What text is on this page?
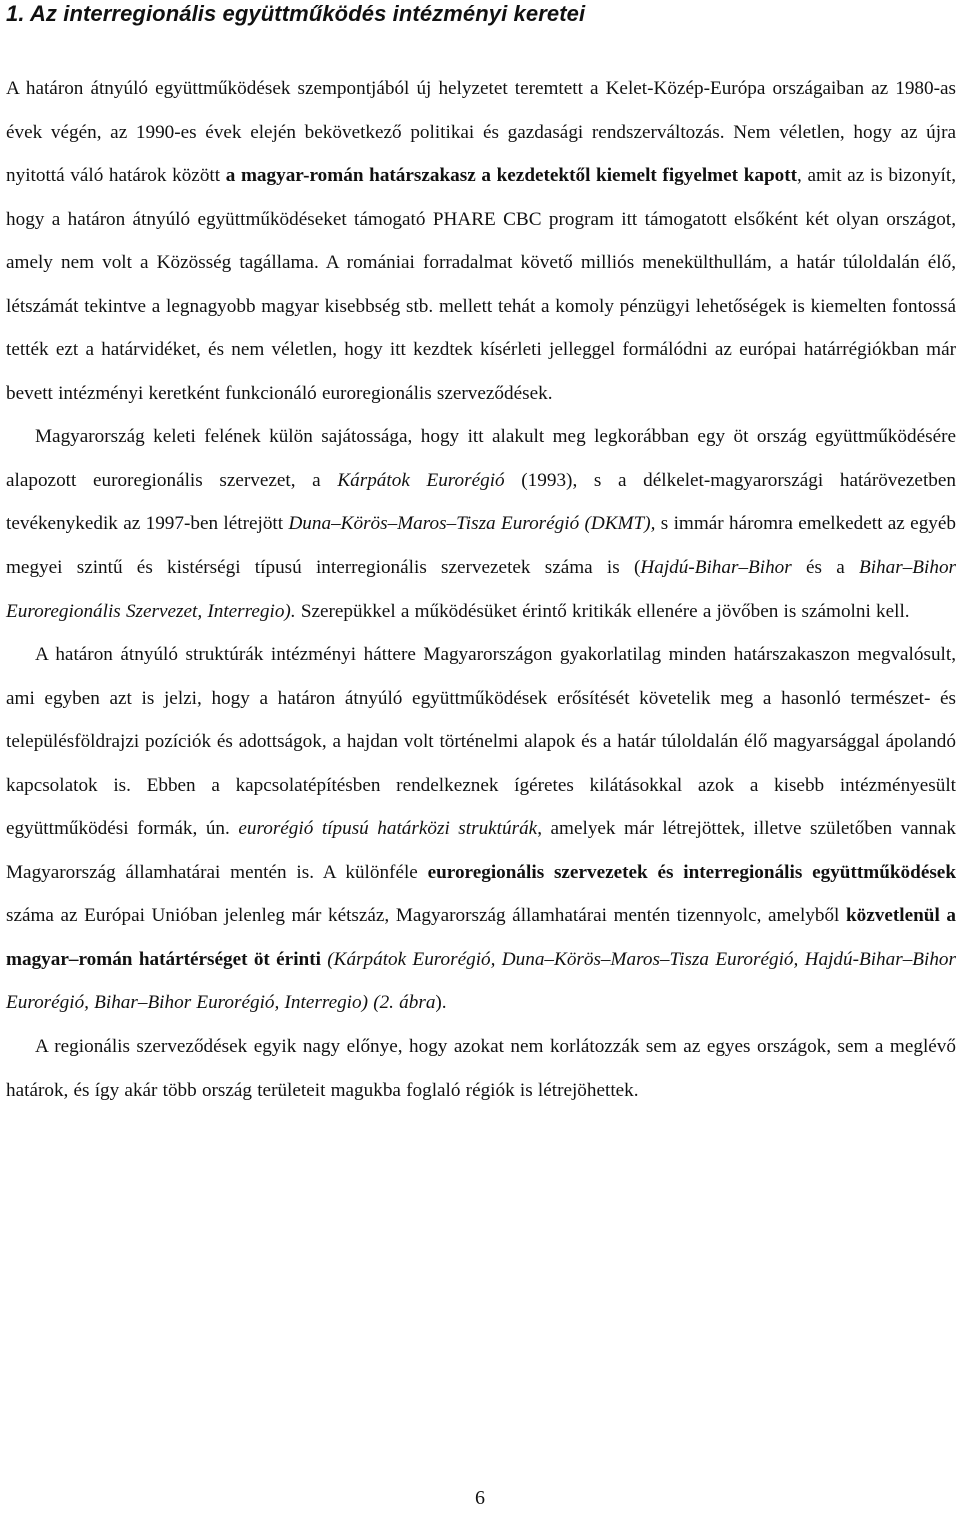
1. Az interregionális együttműködés intézményi keretei

A határon átnyúló együttműködések szempontjából új helyzetet teremtett a Kelet-Közép-Európa országaiban az 1980-as évek végén, az 1990-es évek elején bekövetkező politikai és gazdasági rendszerváltozás. Nem véletlen, hogy az újra nyitottá váló határok között a magyar-román határszakasz a kezdetektől kiemelt figyelmet kapott, amit az is bizonyít, hogy a határon átnyúló együttműködéseket támogató PHARE CBC program itt támogatott elsőként két olyan országot, amely nem volt a Közösség tagállama. A romániai forradalmat követő milliós menekülthullám, a határ túloldalán élő, létszámát tekintve a legnagyobb magyar kisebbség stb. mellett tehát a komoly pénzügyi lehetőségek is kiemelten fontossá tették ezt a határvidéket, és nem véletlen, hogy itt kezdtek kísérleti jelleggel formálódni az európai határrégiókban már bevett intézményi keretként funkcionáló euroregionális szerveződések.

Magyarország keleti felének külön sajátossága, hogy itt alakult meg legkorábban egy öt ország együttműködésére alapozott euroregionális szervezet, a Kárpátok Eurorégió (1993), s a délkelet-magyarországi határövezetben tevékenykedik az 1997-ben létrejött Duna–Körös–Maros–Tisza Eurorégió (DKMT), s immár háromra emelkedett az egyéb megyei szintű és kistérségi típusú interregionális szervezetek száma is (Hajdú-Bihar–Bihor és a Bihar–Bihor Euroregionális Szervezet, Interregio). Szerepükkel a működésüket érintő kritikák ellenére a jövőben is számolni kell.

A határon átnyúló struktúrák intézményi háttere Magyarországon gyakorlatilag minden határszakaszon megvalósult, ami egyben azt is jelzi, hogy a határon átnyúló együttműködések erősítését követelik meg a hasonló természet- és településföldrajzi pozíciók és adottságok, a hajdan volt történelmi alapok és a határ túloldalán élő magyarsággal ápolandó kapcsolatok is. Ebben a kapcsolatépítésben rendelkeznek ígéretes kilátásokkal azok a kisebb intézményesült együttműködési formák, ún. eurorégió típusú határközi struktúrák, amelyek már létrejöttek, illetve születőben vannak Magyarország államhatárai mentén is. A különféle euroregionális szervezetek és interregionális együttműködések száma az Európai Unióban jelenleg már kétszáz, Magyarország államhatárai mentén tizennyolc, amelyből közvetlenül a magyar–román határtérséget öt érinti (Kárpátok Eurorégió, Duna–Körös–Maros–Tisza Eurorégió, Hajdú-Bihar–Bihor Eurorégió, Bihar–Bihor Eurorégió, Interregio) (2. ábra).

A regionális szerveződések egyik nagy előnye, hogy azokat nem korlátozzák sem az egyes országok, sem a meglévő határok, és így akár több ország területeit magukba foglaló régiók is létrejöhettek.

6
